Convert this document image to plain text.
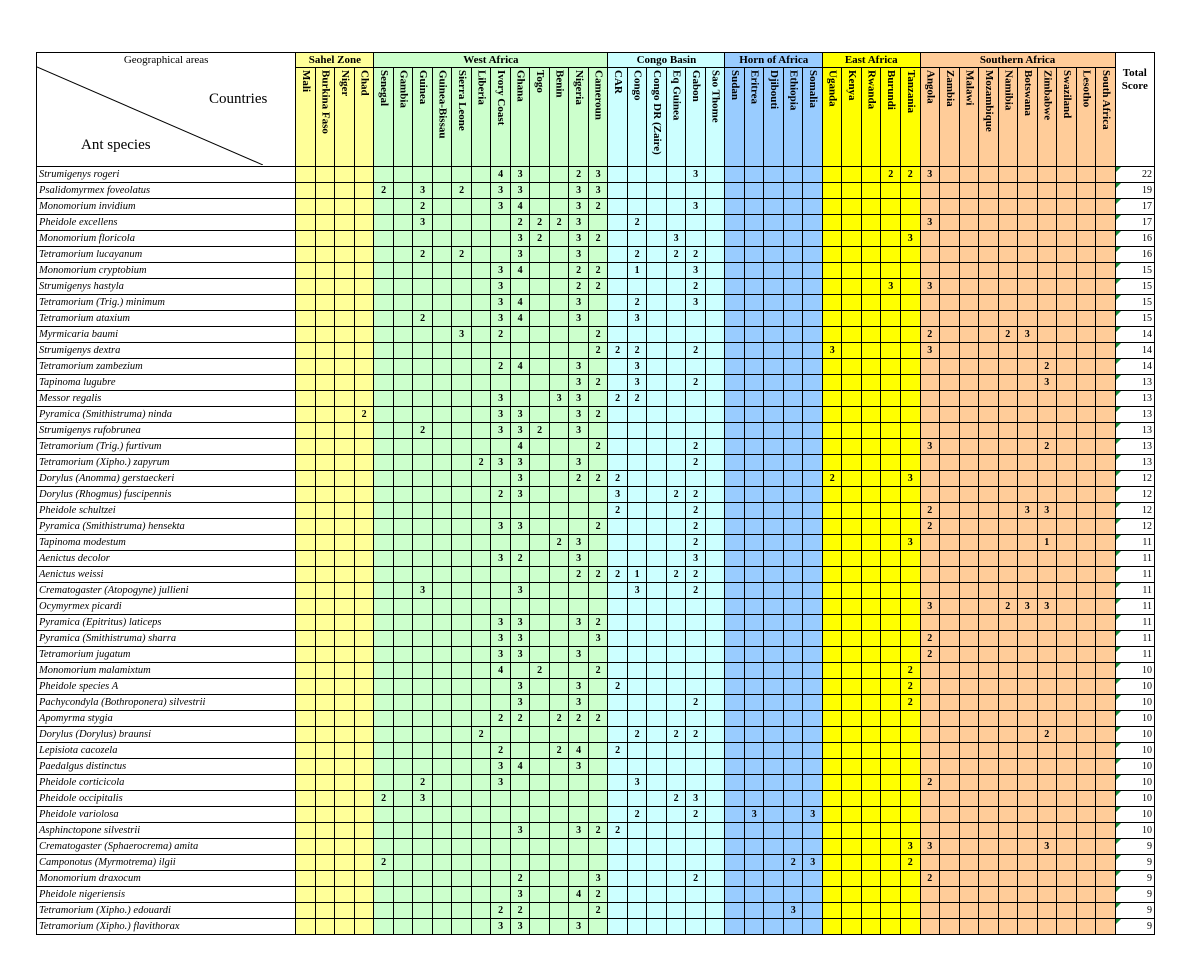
Geographical areas
Countries
Ant species	Sahel Zone				West Africa												Congo Basin						Horn of Africa					East Africa					Southern Africa										Total Score

	Mali	Burkina Faso	Niger	Chad	Senegal	Gambia	Guinea	Guinea-Bissau	Sierra Leone	Liberia	Ivory Coast	Ghana	Togo	Benin	Nigeria	Cameroun	CAR	Congo	Congo DR (Zaire)	Eq Guinea	Gabon	Sao Thome	Sudan	Eritrea	Djibouti	Ethiopia	Somalia	Uganda	Kenya	Rwanda	Burundi	Tanzania	Angola	Zambia	Malawi	Mozambique	Namibia	Botswana	Zimbabwe	Swaziland	Lesotho	South Africa	

Strumigenys rogeri											4	3			2	3					3										2	2	3										22
Psalidomyrmex foveolatus					2		3		2		3	3			3	3																											19
Monomorium invidium							2				3	4			3	2					3																						17
Pheidole excellens							3					2	2	2	3			2															3										17
Monomorium floricola												3	2		3	2				3												3											16
Tetramorium lucayanum							2		2			3			3			2		2	2																						16
Monomorium cryptobium											3	4			2	2		1			3																						15
Strumigenys hastyla											3				2	2					2										3		3										15
Tetramorium (Trig.) minimum											3	4			3			2			3																						15
Tetramorium ataxium							2				3	4			3			3																									15
Myrmicaria baumi									3		2					2																	2				2	3					14
Strumigenys dextra																2	2	2			2							3					3										14
Tetramorium zambezium											2	4			3			3																					2				14
Tapinoma lugubre															3	2		3			2																		3				13
Messor regalis											3			3	3		2	2																									13
Pyramica (Smithistruma) ninda				2							3	3			3	2																											13
Strumigenys rufobrunea							2				3	3	2		3																												13
Tetramorium (Trig.) furtivum												4				2					2												3						2				13
Tetramorium (Xipho.) zapyrum										2	3	3			3						2																						13
Dorylus (Anomma) gerstaeckeri												3			2	2	2											2				3											12
Dorylus (Rhogmus) fuscipennis											2	3					3			2	2																						12
Pheidole schultzei																	2				2												2					3	3				12
Pyramica (Smithistruma) hensekta											3	3				2					2												2										12
Tapinoma modestum														2	3						2											3							1				11
Aenictus decolor											3	2			3						3																						11
Aenictus weissi															2	2	2	1		2	2																						11
Crematogaster (Atopogyne) jullieni							3					3						3			2																						11
Ocymyrmex picardi																																	3				2	3	3				11
Pyramica (Epitritus) laticeps											3	3			3	2																											11
Pyramica (Smithistruma) sharra											3	3				3																	2										11
Tetramorium jugatum											3	3			3																		2										11
Monomorium malamixtum											4		2			2																2											10
Pheidole species A												3			3		2															2											10
Pachycondyla (Bothroponera) silvestrii												3			3						2											2											10
Apomyrma stygia											2	2		2	2	2																											10
Dorylus (Dorylus) braunsi										2								2		2	2																		2				10
Lepisiota cacozela											2			2	4		2																										10
Paedalgus distinctus											3	4			3																												10
Pheidole corticicola							2				3							3															2										10
Pheidole occipitalis					2		3													2	3																						10
Pheidole variolosa																		2			2			3			3																10
Asphinctopone silvestrii												3			3	2	2																										10
Crematogaster (Sphaerocrema) amita																																3	3						3				9
Camponotus (Myrmotrema) ilgii					2																					2	3					2											9
Monomorium draxocum												2				3					2												2										9
Pheidole nigeriensis												3			4	2																											9
Tetramorium (Xipho.) edouardi											2	2				2										3																	9
Tetramorium (Xipho.) flavithorax											3	3			3																												9
